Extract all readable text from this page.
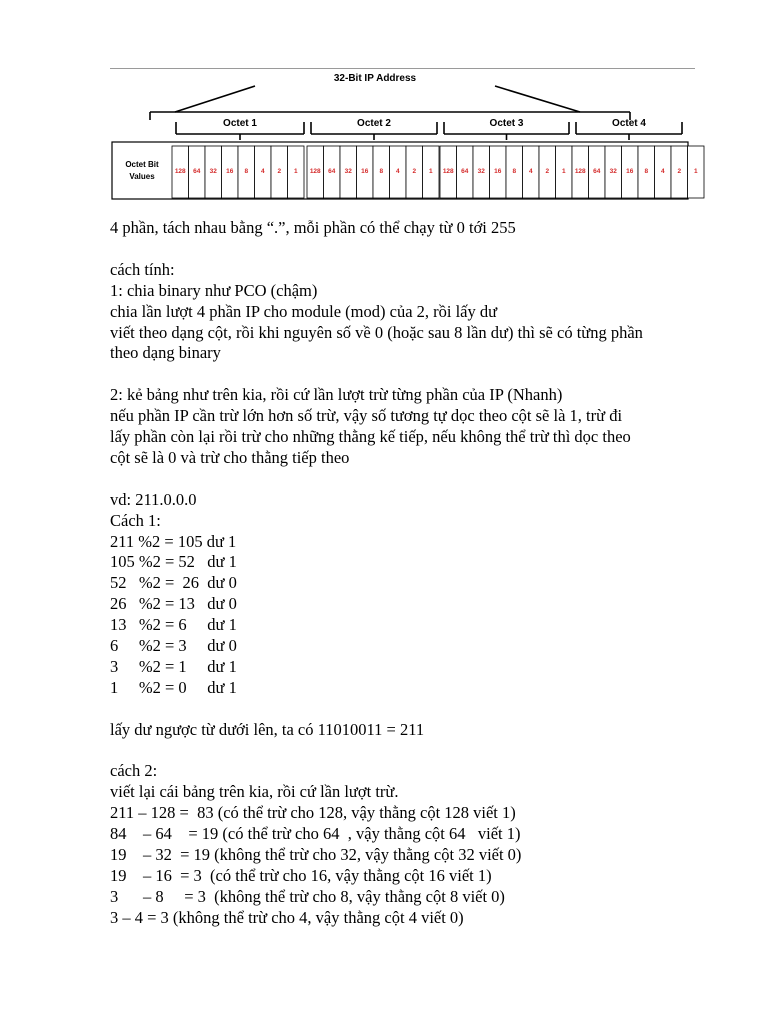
32-Bit IP Address
Octet 1	Octet 2	Octet 3	Octet 4
Octet Bit
Values
128 64 32 16 8 4 2 1 128 64 32 16 8 4 2 1 128 64 32 16 8 4 2 1 128 64 32 16 8 4 2 1
4 phần, tách nhau bằng “.”, mỗi phần có thể chạy từ 0 tới 255
cách tính:
1: chia binary như PCO (chậm)
chia lần lượt 4 phần IP cho module (mod) của 2, rồi lấy dư
viết theo dạng cột, rồi khi nguyên số về 0 (hoặc sau 8 lần dư) thì sẽ có từng phần
theo dạng binary
2: kẻ bảng như trên kia, rồi cứ lần lượt trừ từng phần của IP (Nhanh)
nếu phần IP cần trừ lớn hơn số trừ, vậy số tương tự dọc theo cột sẽ là 1, trừ đi
lấy phần còn lại rồi trừ cho những thằng kế tiếp, nếu không thể trừ thì dọc theo
cột sẽ là 0 và trừ cho thằng tiếp theo
vd: 211.0.0.0
Cách 1:
211 %2 = 105 dư 1
105 %2 = 52   dư 1
52   %2 =  26  dư 0
26   %2 = 13   dư 0
13   %2 = 6     dư 1
6     %2 = 3     dư 0
3     %2 = 1     dư 1
1     %2 = 0     dư 1
lấy dư ngược từ dưới lên, ta có 11010011 = 211
cách 2:
viết lại cái bảng trên kia, rồi cứ lần lượt trừ.
211 – 128 =  83 (có thể trừ cho 128, vậy thằng cột 128 viết 1)
84    – 64    = 19 (có thể trừ cho 64  , vậy thằng cột 64   viết 1)
19    – 32  = 19 (không thể trừ cho 32, vậy thằng cột 32 viết 0)
19    – 16  = 3  (có thể trừ cho 16, vậy thằng cột 16 viết 1)
3      – 8     = 3  (không thể trừ cho 8, vậy thằng cột 8 viết 0)
3 – 4 = 3 (không thể trừ cho 4, vậy thằng cột 4 viết 0)
